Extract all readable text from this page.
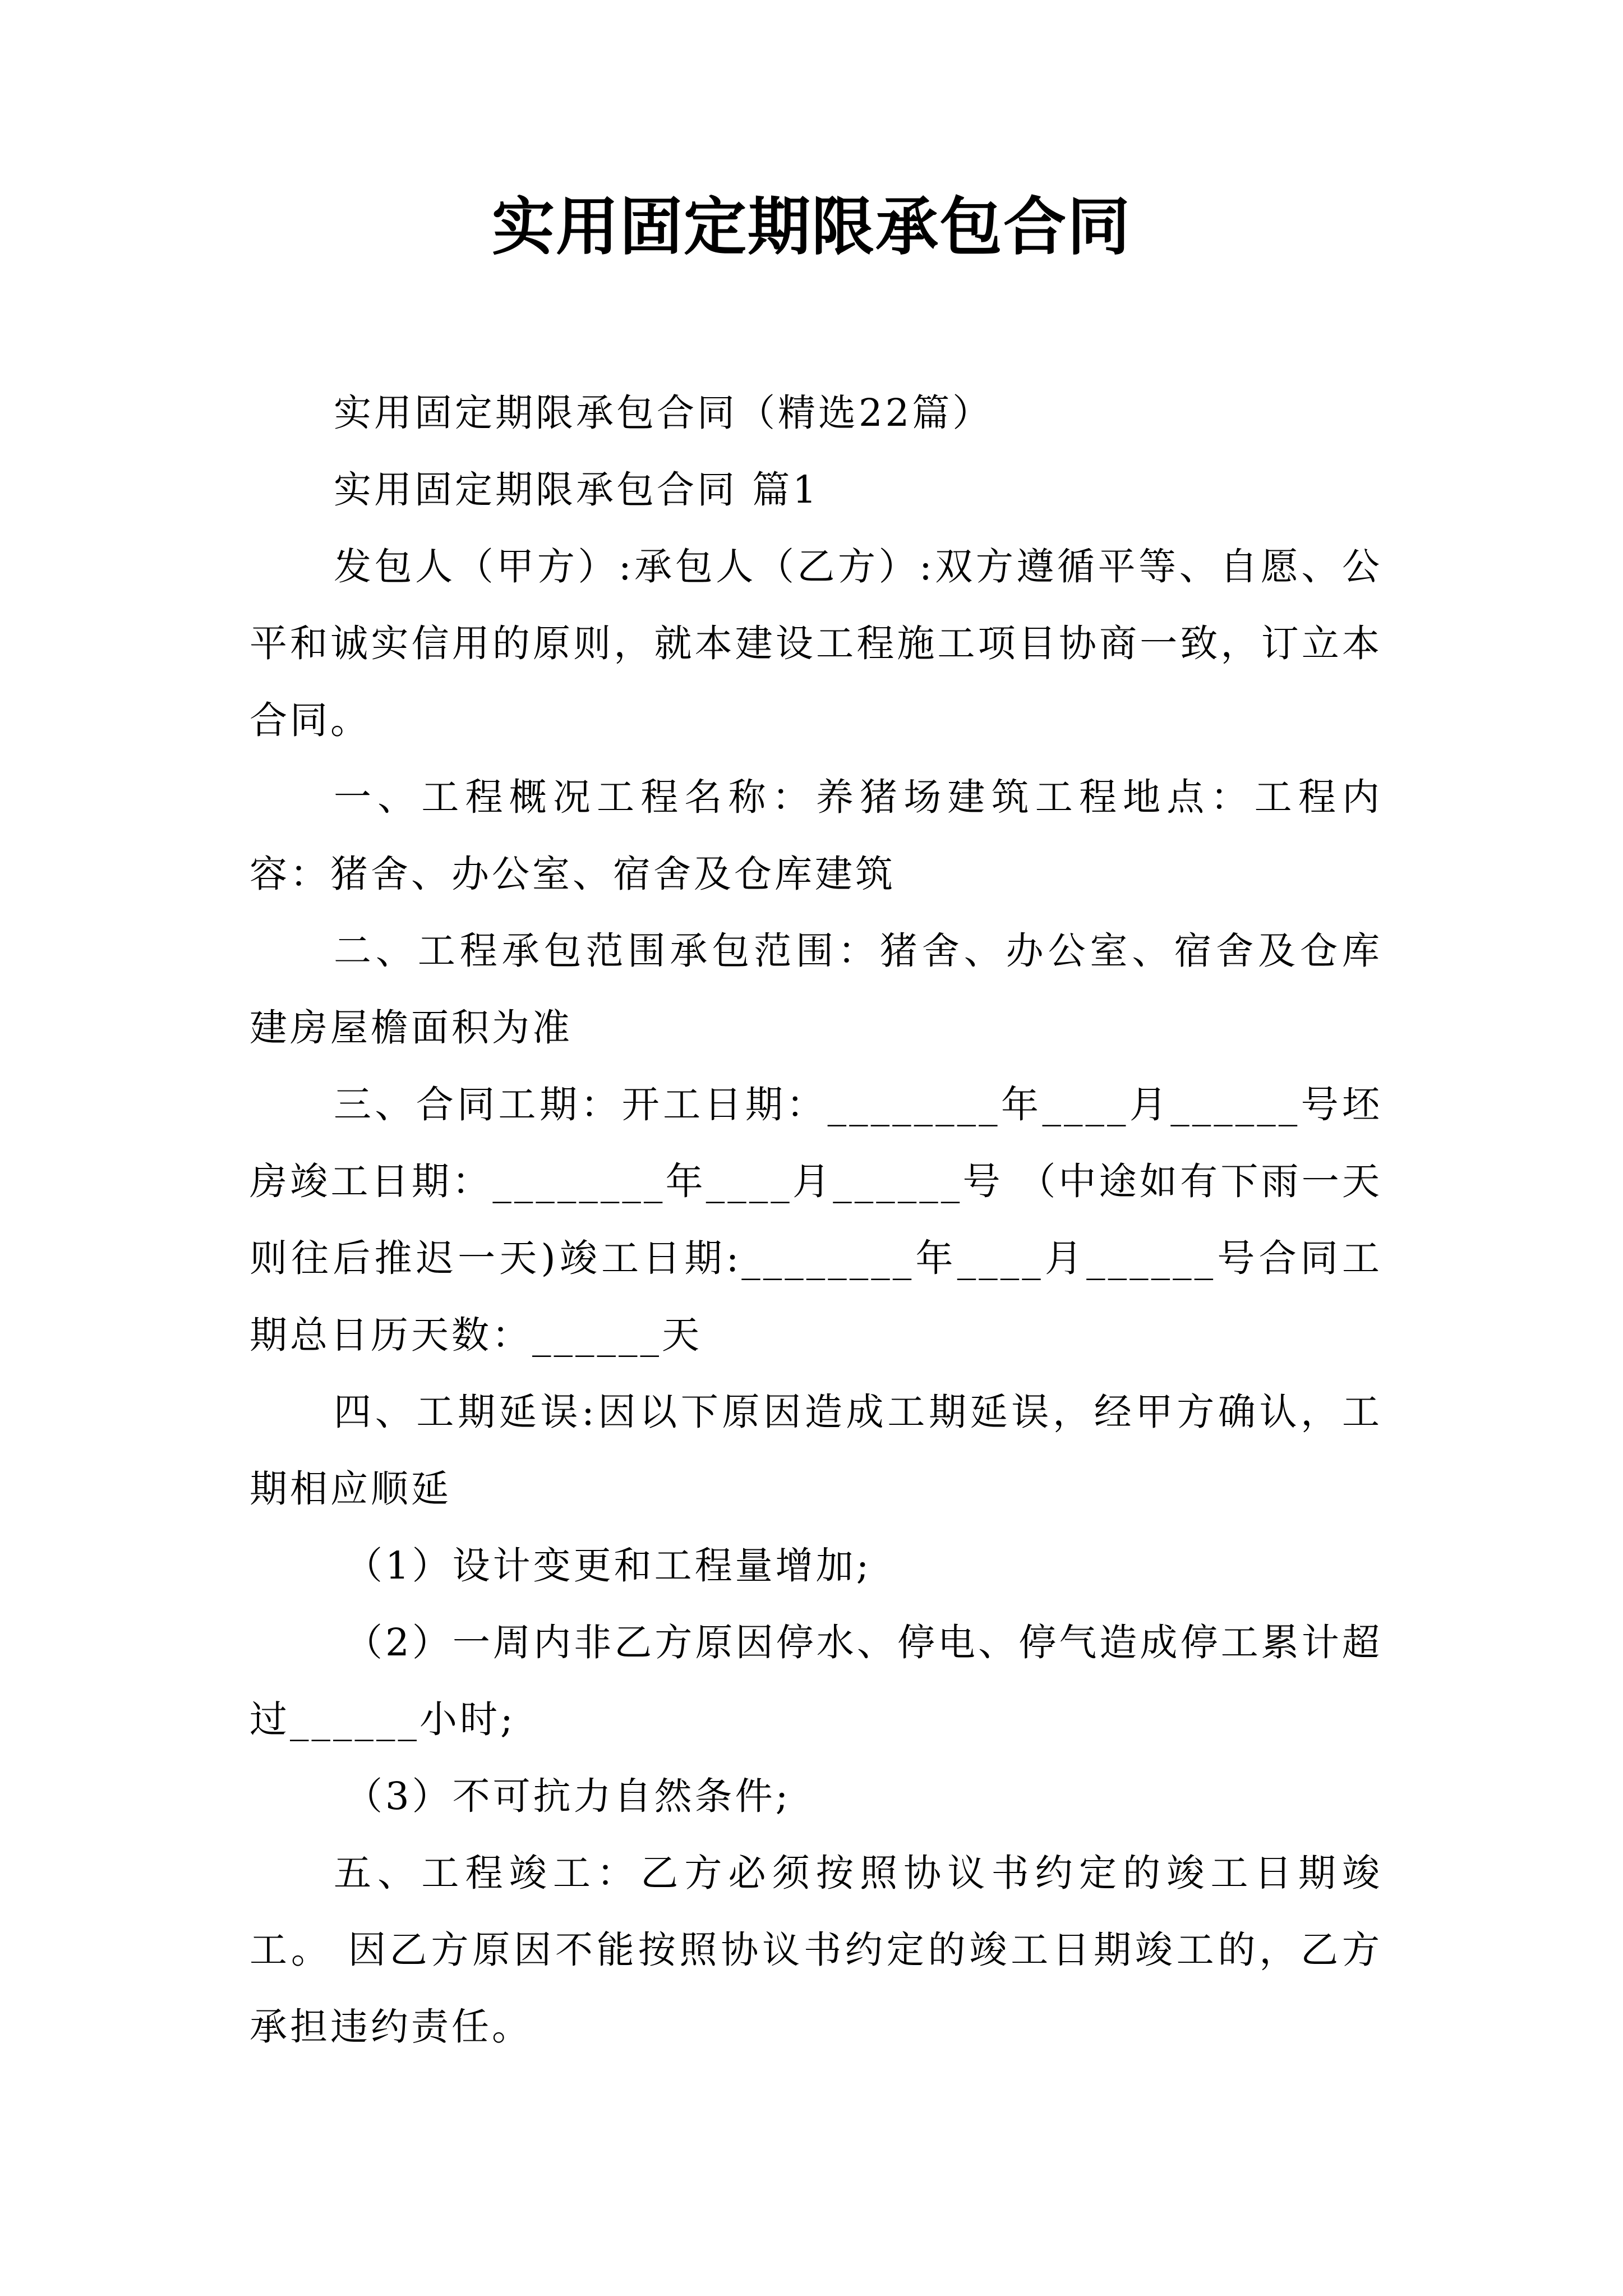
实用固定期限承包合同

实用固定期限承包合同（精选22篇）

实用固定期限承包合同 篇1

发包人（甲方）:承包人（乙方）:双方遵循平等、自愿、公平和诚实信用的原则，就本建设工程施工项目协商一致，订立本合同。

一、工程概况工程名称：养猪场建筑工程地点：工程内容：猪舍、办公室、宿舍及仓库建筑

二、工程承包范围承包范围：猪舍、办公室、宿舍及仓库建房屋檐面积为准

三、合同工期：开工日期：________年____月______号坯房竣工日期：________年____月______号 （中途如有下雨一天则往后推迟一天)竣工日期:________年____月______号合同工期总日历天数：______天

四、工期延误:因以下原因造成工期延误，经甲方确认，工期相应顺延

（1）设计变更和工程量增加;

（2）一周内非乙方原因停水、停电、停气造成停工累计超过______小时;

（3）不可抗力自然条件;

五、工程竣工：乙方必须按照协议书约定的竣工日期竣工。 因乙方原因不能按照协议书约定的竣工日期竣工的，乙方承担违约责任。
